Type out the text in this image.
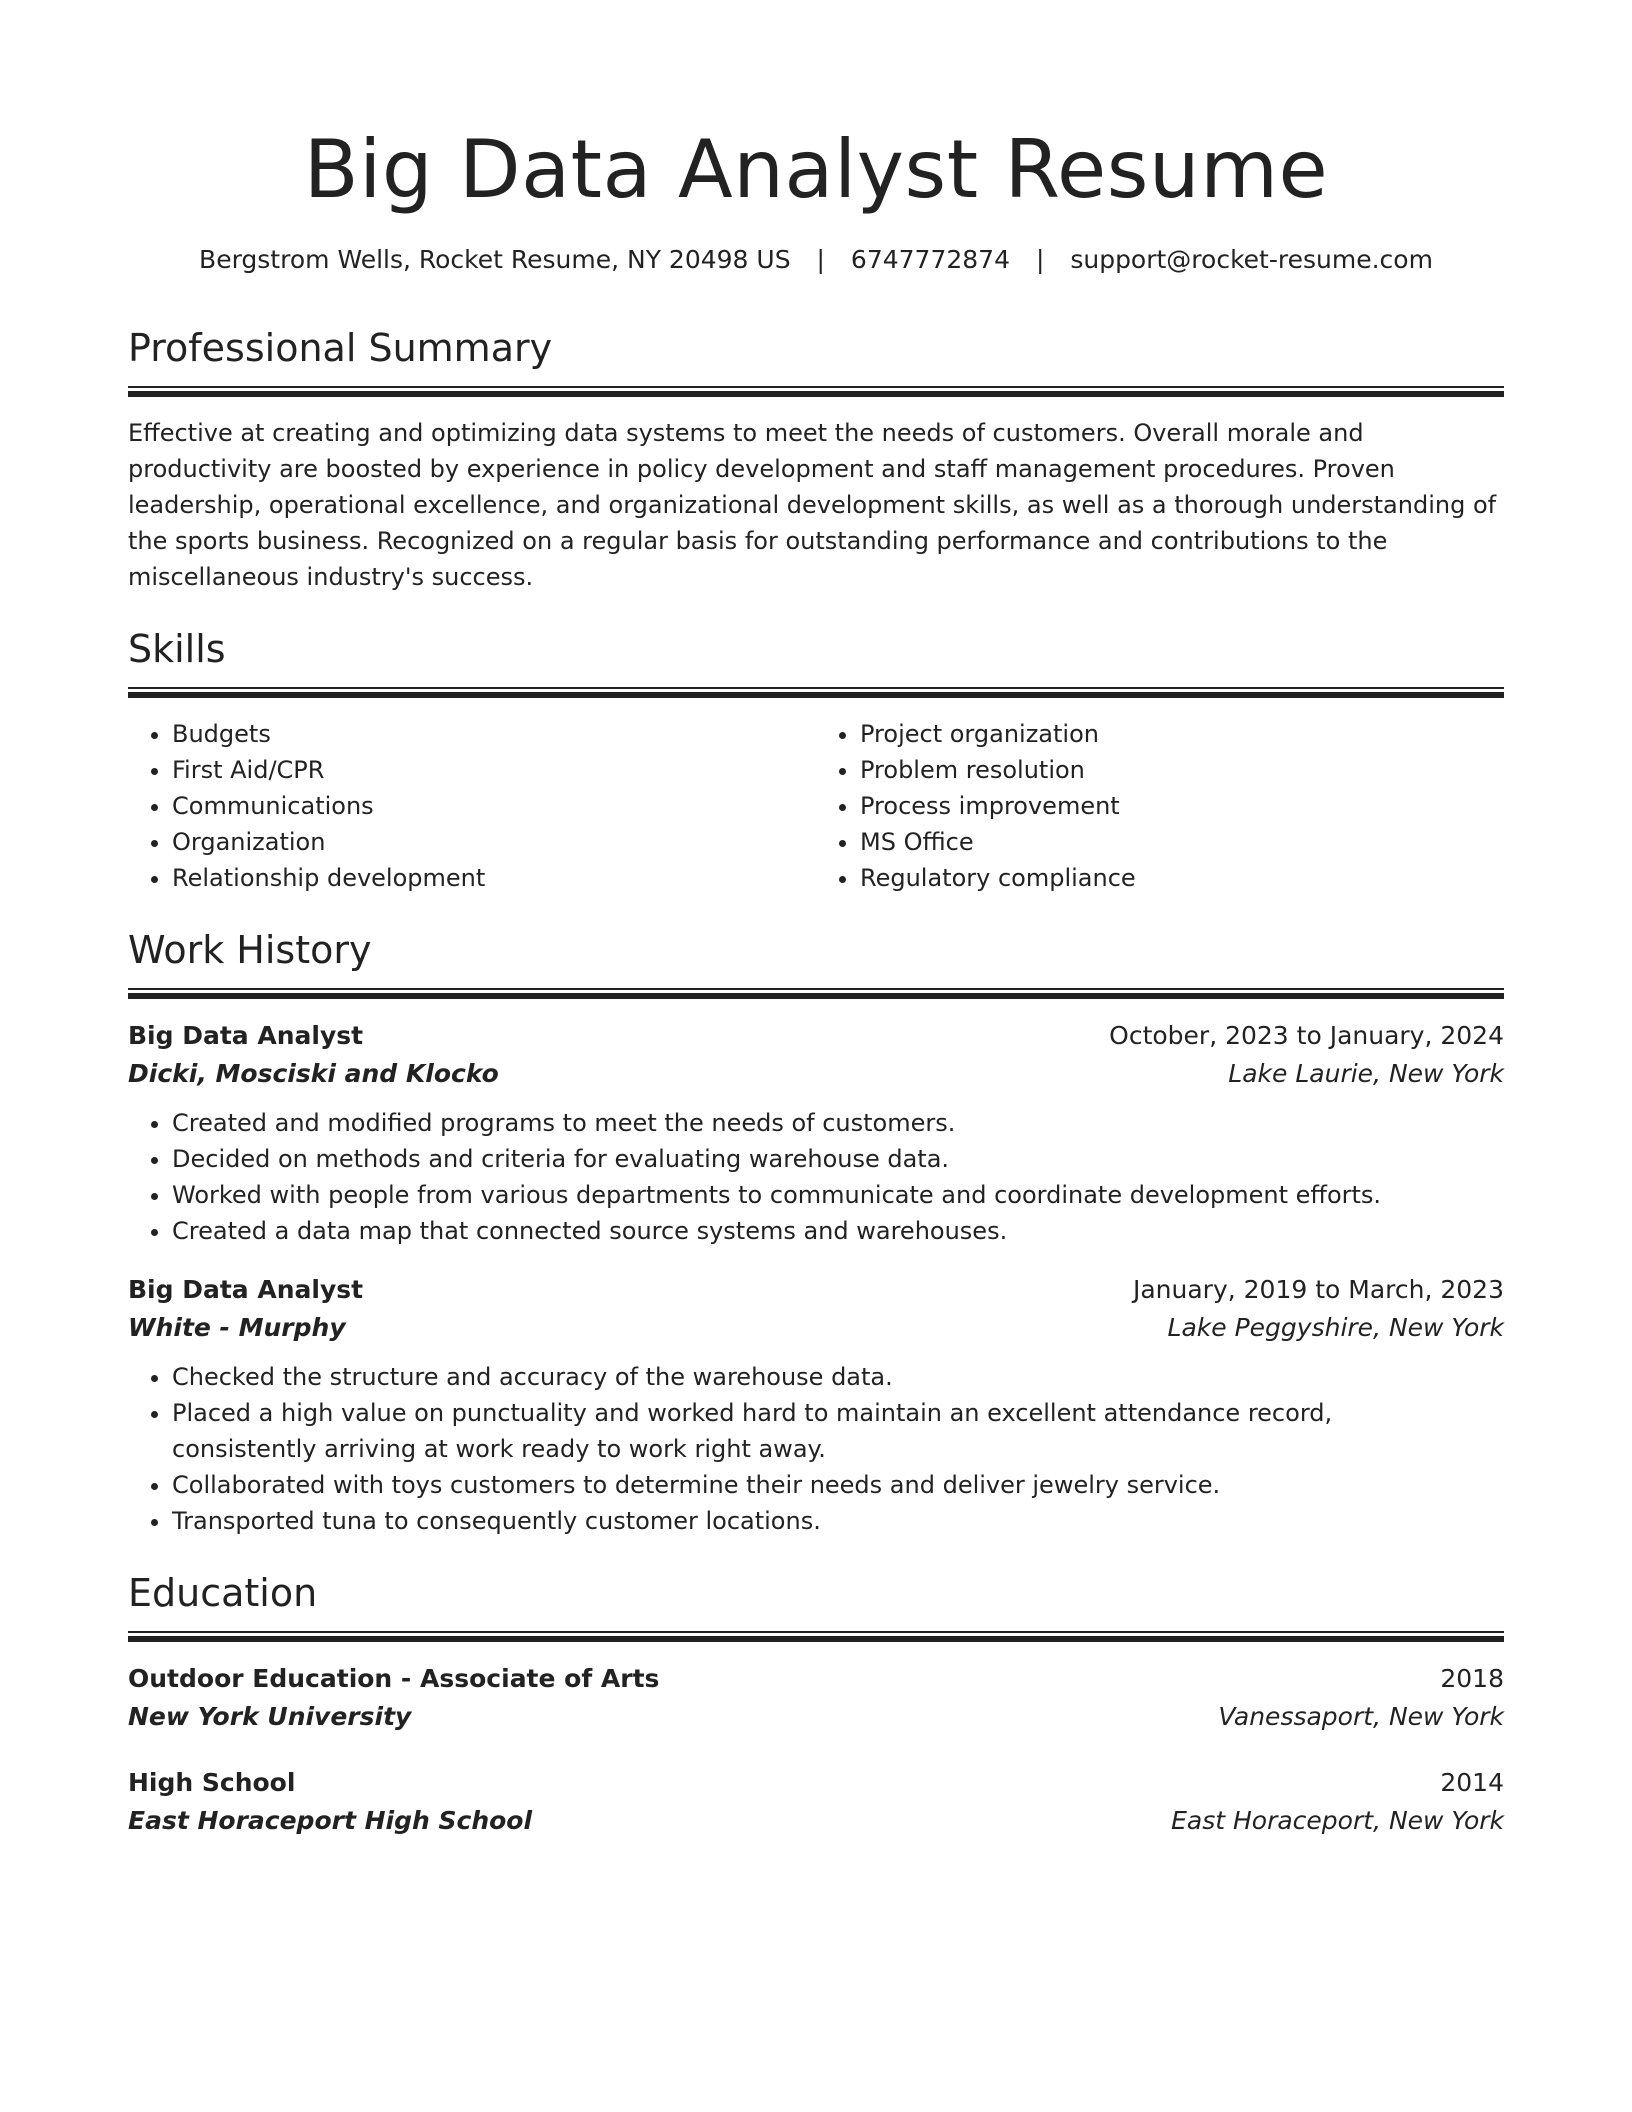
Big Data Analyst Resume
Bergstrom Wells, Rocket Resume, NY 20498 US | 6747772874 | support@rocket-resume.com
Professional Summary

Effective at creating and optimizing data systems to meet the needs of customers. Overall morale and productivity are boosted by experience in policy development and staff management procedures. Proven leadership, operational excellence, and organizational development skills, as well as a thorough understanding of the sports business. Recognized on a regular basis for outstanding performance and contributions to the miscellaneous industry's success.

Skills
• Budgets
• First Aid/CPR
• Communications
• Organization
• Relationship development
• Project organization
• Problem resolution
• Process improvement
• MS Office
• Regulatory compliance
Work History
Big Data Analyst	October, 2023 to January, 2024
Dicki, Mosciski and Klocko	Lake Laurie, New York
• Created and modified programs to meet the needs of customers.
• Decided on methods and criteria for evaluating warehouse data.
• Worked with people from various departments to communicate and coordinate development efforts.
• Created a data map that connected source systems and warehouses.
Big Data Analyst	January, 2019 to March, 2023
White - Murphy	Lake Peggyshire, New York
• Checked the structure and accuracy of the warehouse data.
• Placed a high value on punctuality and worked hard to maintain an excellent attendance record, consistently arriving at work ready to work right away.
• Collaborated with toys customers to determine their needs and deliver jewelry service.
• Transported tuna to consequently customer locations.
Education
Outdoor Education - Associate of Arts	2018
New York University	Vanessaport, New York
High School	2014
East Horaceport High School	East Horaceport, New York
